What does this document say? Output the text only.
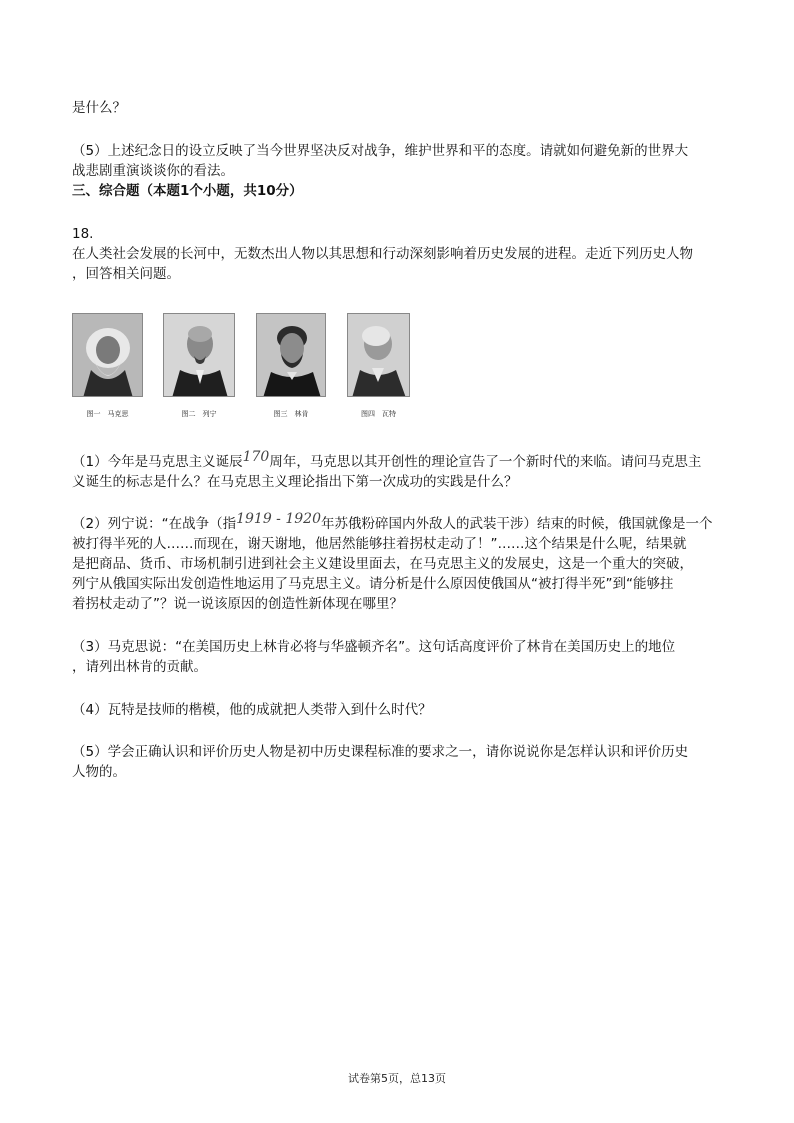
是什么？
（5）上述纪念日的设立反映了当今世界坚决反对战争，维护世界和平的态度。请就如何避免新的世界大
战悲剧重演谈谈你的看法。
三、综合题（本题1个小题，共10分）
18.
在人类社会发展的长河中，无数杰出人物以其思想和行动深刻影响着历史发展的进程。走近下列历史人物
，回答相关问题。
图一　马克思	图二　列宁	图三　林肯	图四　瓦特
（1）今年是马克思主义诞辰170周年，马克思以其开创性的理论宣告了一个新时代的来临。请问马克思主
义诞生的标志是什么？在马克思主义理论指出下第一次成功的实践是什么？
（2）列宁说：“在战争（指1919 - 1920年苏俄粉碎国内外敌人的武装干涉）结束的时候，俄国就像是一个
被打得半死的人……而现在，谢天谢地，他居然能够拄着拐杖走动了！”……这个结果是什么呢，结果就
是把商品、货币、市场机制引进到社会主义建设里面去，在马克思主义的发展史，这是一个重大的突破，
列宁从俄国实际出发创造性地运用了马克思主义。请分析是什么原因使俄国从“被打得半死”到“能够拄
着拐杖走动了”？说一说该原因的创造性新体现在哪里？
（3）马克思说：“在美国历史上林肯必将与华盛顿齐名”。这句话高度评价了林肯在美国历史上的地位
，请列出林肯的贡献。
（4）瓦特是技师的楷模，他的成就把人类带入到什么时代？
（5）学会正确认识和评价历史人物是初中历史课程标准的要求之一，请你说说你是怎样认识和评价历史
人物的。
试卷第5页，总13页
